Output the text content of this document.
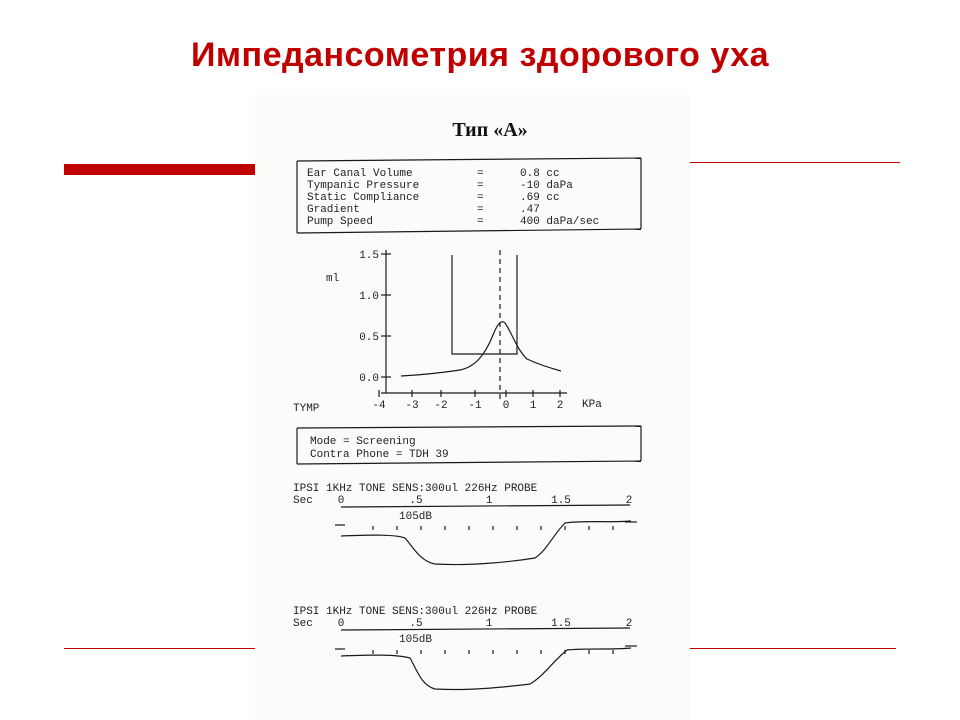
Импедансометрия здорового уха
Тип «А»
Ear Canal Volume	=	0.8 cc
Tympanic Pressure	=	-10 daPa
Static Compliance	=	.69 cc
Gradient	=	.47
Pump Speed	=	400 daPa/sec
ml
1.5
1.0
0.5
0.0
-4 -3 -2 -1 0 1 2
TYMP	KPa
Mode = Screening
Contra Phone = TDH 39
IPSI 1KHz TONE SENS:300ul 226Hz PROBE
Sec 0	.5	1	1.5	2
105dB
IPSI 1KHz TONE SENS:300ul 226Hz PROBE
Sec 0	.5	1	1.5	2
105dB
